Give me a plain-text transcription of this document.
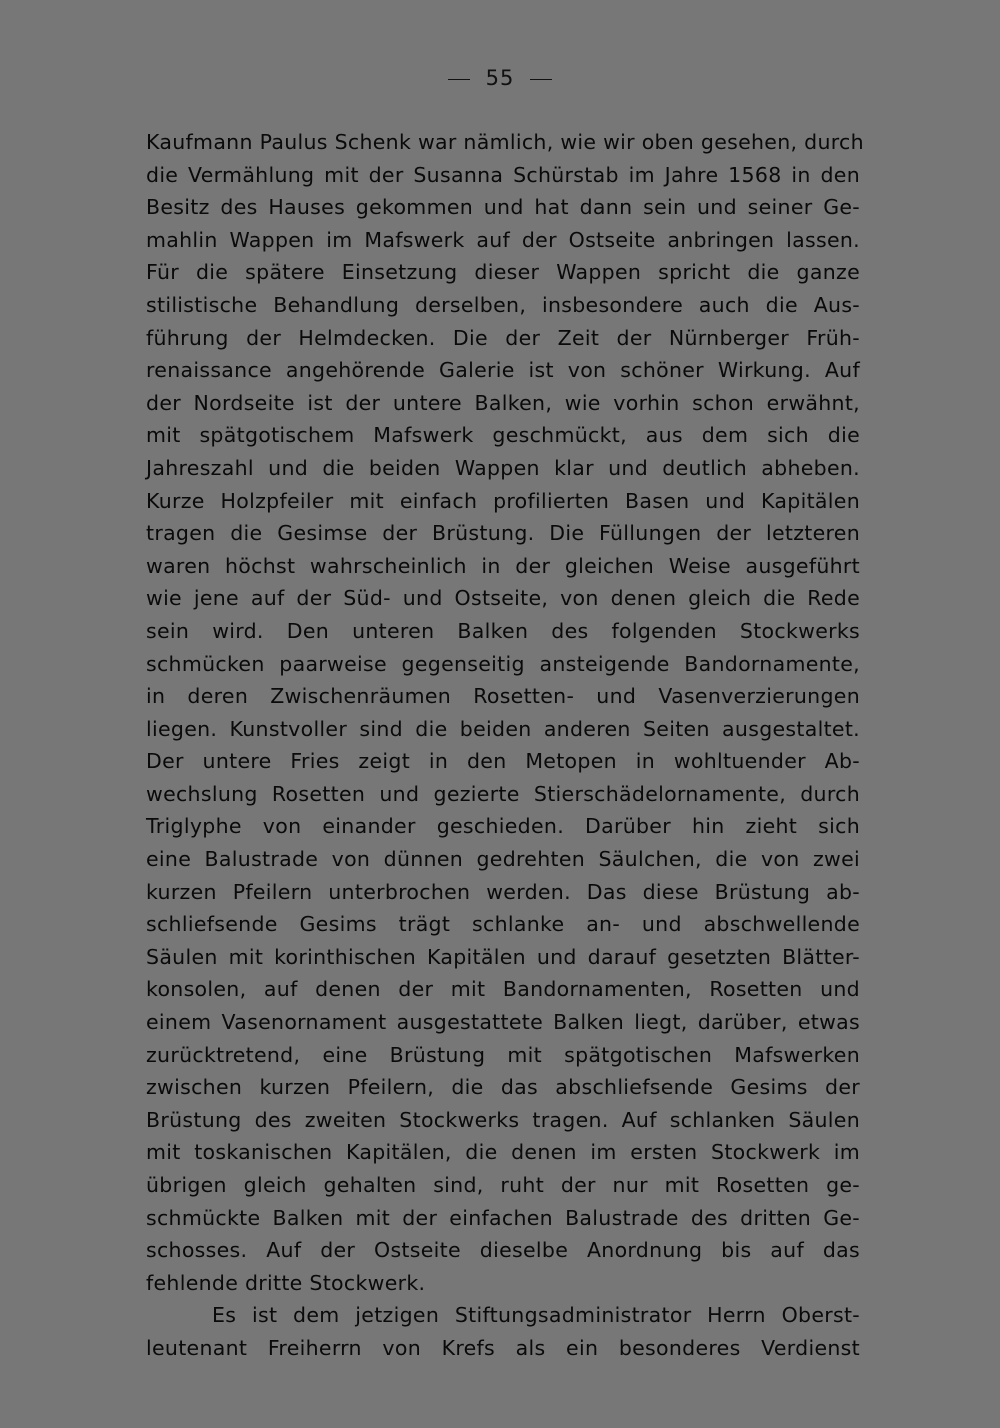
55
Kaufmann Paulus Schenk war nämlich, wie wir oben gesehen, durch
die Vermählung mit der Susanna Schürstab im Jahre 1568 in den
Besitz des Hauses gekommen und hat dann sein und seiner Ge-
mahlin Wappen im Mafswerk auf der Ostseite anbringen lassen.
Für die spätere Einsetzung dieser Wappen spricht die ganze
stilistische Behandlung derselben, insbesondere auch die Aus-
führung der Helmdecken. Die der Zeit der Nürnberger Früh-
renaissance angehörende Galerie ist von schöner Wirkung. Auf
der Nordseite ist der untere Balken, wie vorhin schon erwähnt,
mit spätgotischem Mafswerk geschmückt, aus dem sich die
Jahreszahl und die beiden Wappen klar und deutlich abheben.
Kurze Holzpfeiler mit einfach profilierten Basen und Kapitälen
tragen die Gesimse der Brüstung. Die Füllungen der letzteren
waren höchst wahrscheinlich in der gleichen Weise ausgeführt
wie jene auf der Süd- und Ostseite, von denen gleich die Rede
sein wird. Den unteren Balken des folgenden Stockwerks
schmücken paarweise gegenseitig ansteigende Bandornamente,
in deren Zwischenräumen Rosetten- und Vasenverzierungen
liegen. Kunstvoller sind die beiden anderen Seiten ausgestaltet.
Der untere Fries zeigt in den Metopen in wohltuender Ab-
wechslung Rosetten und gezierte Stierschädelornamente, durch
Triglyphe von einander geschieden. Darüber hin zieht sich
eine Balustrade von dünnen gedrehten Säulchen, die von zwei
kurzen Pfeilern unterbrochen werden. Das diese Brüstung ab-
schliefsende Gesims trägt schlanke an- und abschwellende
Säulen mit korinthischen Kapitälen und darauf gesetzten Blätter-
konsolen, auf denen der mit Bandornamenten, Rosetten und
einem Vasenornament ausgestattete Balken liegt, darüber, etwas
zurücktretend, eine Brüstung mit spätgotischen Mafswerken
zwischen kurzen Pfeilern, die das abschliefsende Gesims der
Brüstung des zweiten Stockwerks tragen. Auf schlanken Säulen
mit toskanischen Kapitälen, die denen im ersten Stockwerk im
übrigen gleich gehalten sind, ruht der nur mit Rosetten ge-
schmückte Balken mit der einfachen Balustrade des dritten Ge-
schosses. Auf der Ostseite dieselbe Anordnung bis auf das
fehlende dritte Stockwerk.
Es ist dem jetzigen Stiftungsadministrator Herrn Oberst-
leutenant Freiherrn von Krefs als ein besonderes Verdienst
